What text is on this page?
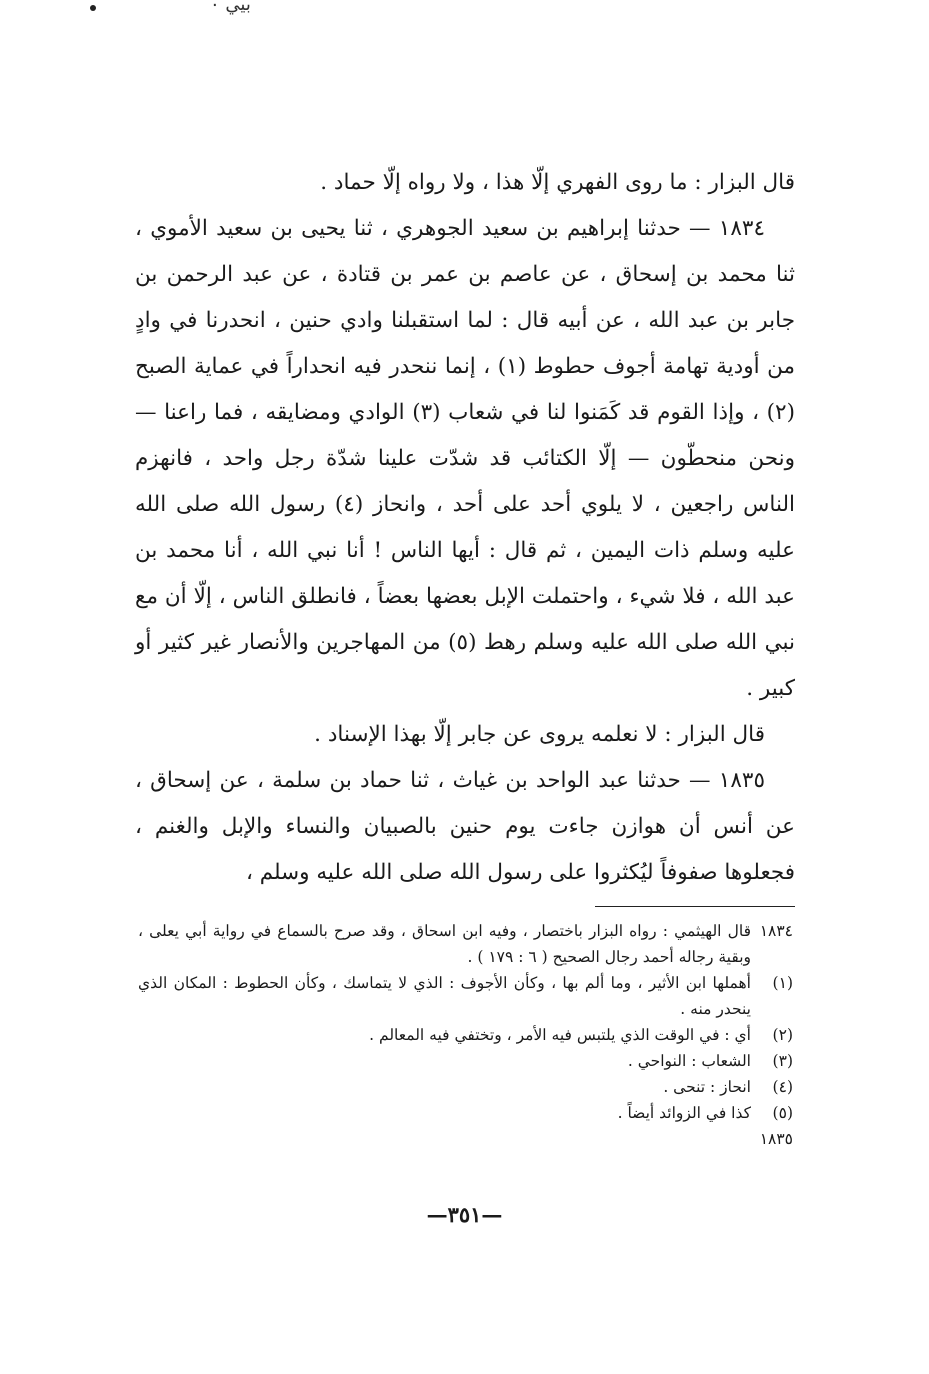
بيي ٠

قال البزار : ما روى الفهري إلّا هذا ، ولا رواه إلّا حماد .

١٨٣٤ — حدثنا إبراهيم بن سعيد الجوهري ، ثنا يحيى بن سعيد الأموي ، ثنا محمد بن إسحاق ، عن عاصم بن عمر بن قتادة ، عن عبد الرحمن بن جابر بن عبد الله ، عن أبيه قال : لما استقبلنا وادي حنين ، انحدرنا في وادٍ من أودية تهامة أجوف حطوط (١) ، إنما ننحدر فيه انحداراً في عماية الصبح (٢) ، وإذا القوم قد كَمَنوا لنا في شعاب (٣) الوادي ومضايقه ، فما راعنا — ونحن منحطّون — إلّا الكتائب قد شدّت علينا شدّة رجل واحد ، فانهزم الناس راجعين ، لا يلوي أحد على أحد ، وانحاز (٤) رسول الله صلى الله عليه وسلم ذات اليمين ، ثم قال : أيها الناس ! أنا نبي الله ، أنا محمد بن عبد الله ، فلا شيء ، واحتملت الإبل بعضها بعضاً ، فانطلق الناس ، إلّا أن مع نبي الله صلى الله عليه وسلم رهط (٥) من المهاجرين والأنصار غير كثير أو كبير .

قال البزار : لا نعلمه يروى عن جابر إلّا بهذا الإسناد .

١٨٣٥ — حدثنا عبد الواحد بن غياث ، ثنا حماد بن سلمة ، عن إسحاق ، عن أنس أن هوازن جاءت يوم حنين بالصبيان والنساء والإبل والغنم ، فجعلوها صفوفاً ليُكثروا على رسول الله صلى الله عليه وسلم ،

١٨٣٤
قال الهيثمي : رواه البزار باختصار ، وفيه ابن اسحاق ، وقد صرح بالسماع في رواية أبي يعلى ، وبقية رجاله أحمد رجال الصحيح ( ٦ : ١٧٩ ) .
(١)
أهملها ابن الأثير ، وما ألم بها ، وكأن الأجوف : الذي لا يتماسك ، وكأن الحطوط : المكان الذي ينحدر منه .
(٢)
أي : في الوقت الذي يلتبس فيه الأمر ، وتختفي فيه المعالم .
(٣)
الشعاب : النواحي .
(٤)
انحاز : تنحى .
(٥)
كذا في الزوائد أيضاً .
١٨٣٥
—٣٥١—
